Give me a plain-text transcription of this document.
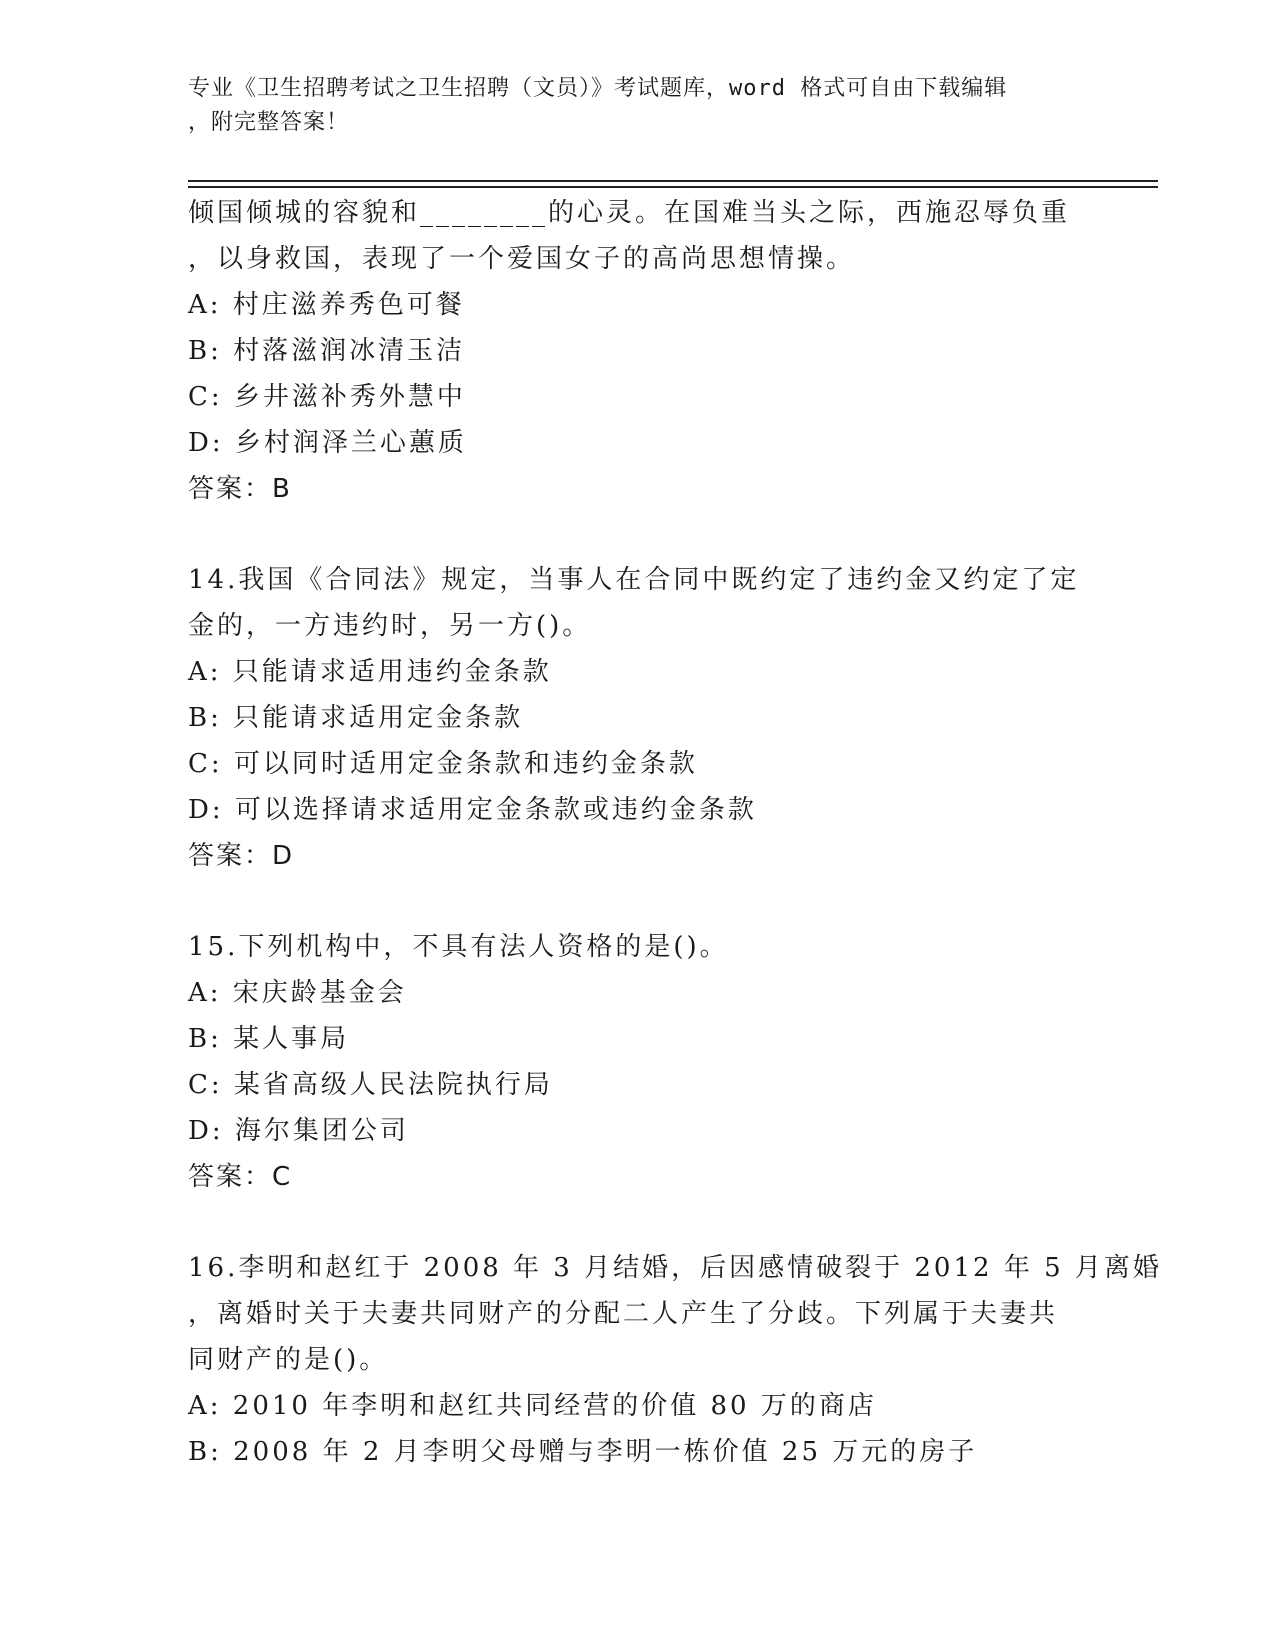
专业《卫生招聘考试之卫生招聘（文员）》考试题库，word 格式可自由下载编辑
，附完整答案！
倾国倾城的容貌和________的心灵。在国难当头之际，西施忍辱负重
，以身救国，表现了一个爱国女子的高尚思想情操。
A: 村庄滋养秀色可餐
B: 村落滋润冰清玉洁
C: 乡井滋补秀外慧中
D: 乡村润泽兰心蕙质
答案：B
14.我国《合同法》规定，当事人在合同中既约定了违约金又约定了定
金的，一方违约时，另一方()。
A: 只能请求适用违约金条款
B: 只能请求适用定金条款
C: 可以同时适用定金条款和违约金条款
D: 可以选择请求适用定金条款或违约金条款
答案：D
15.下列机构中，不具有法人资格的是()。
A: 宋庆龄基金会
B: 某人事局
C: 某省高级人民法院执行局
D: 海尔集团公司
答案：C
16.李明和赵红于 2008 年 3 月结婚，后因感情破裂于 2012 年 5 月离婚
，离婚时关于夫妻共同财产的分配二人产生了分歧。下列属于夫妻共
同财产的是()。
A: 2010 年李明和赵红共同经营的价值 80 万的商店
B: 2008 年 2 月李明父母赠与李明一栋价值 25 万元的房子
